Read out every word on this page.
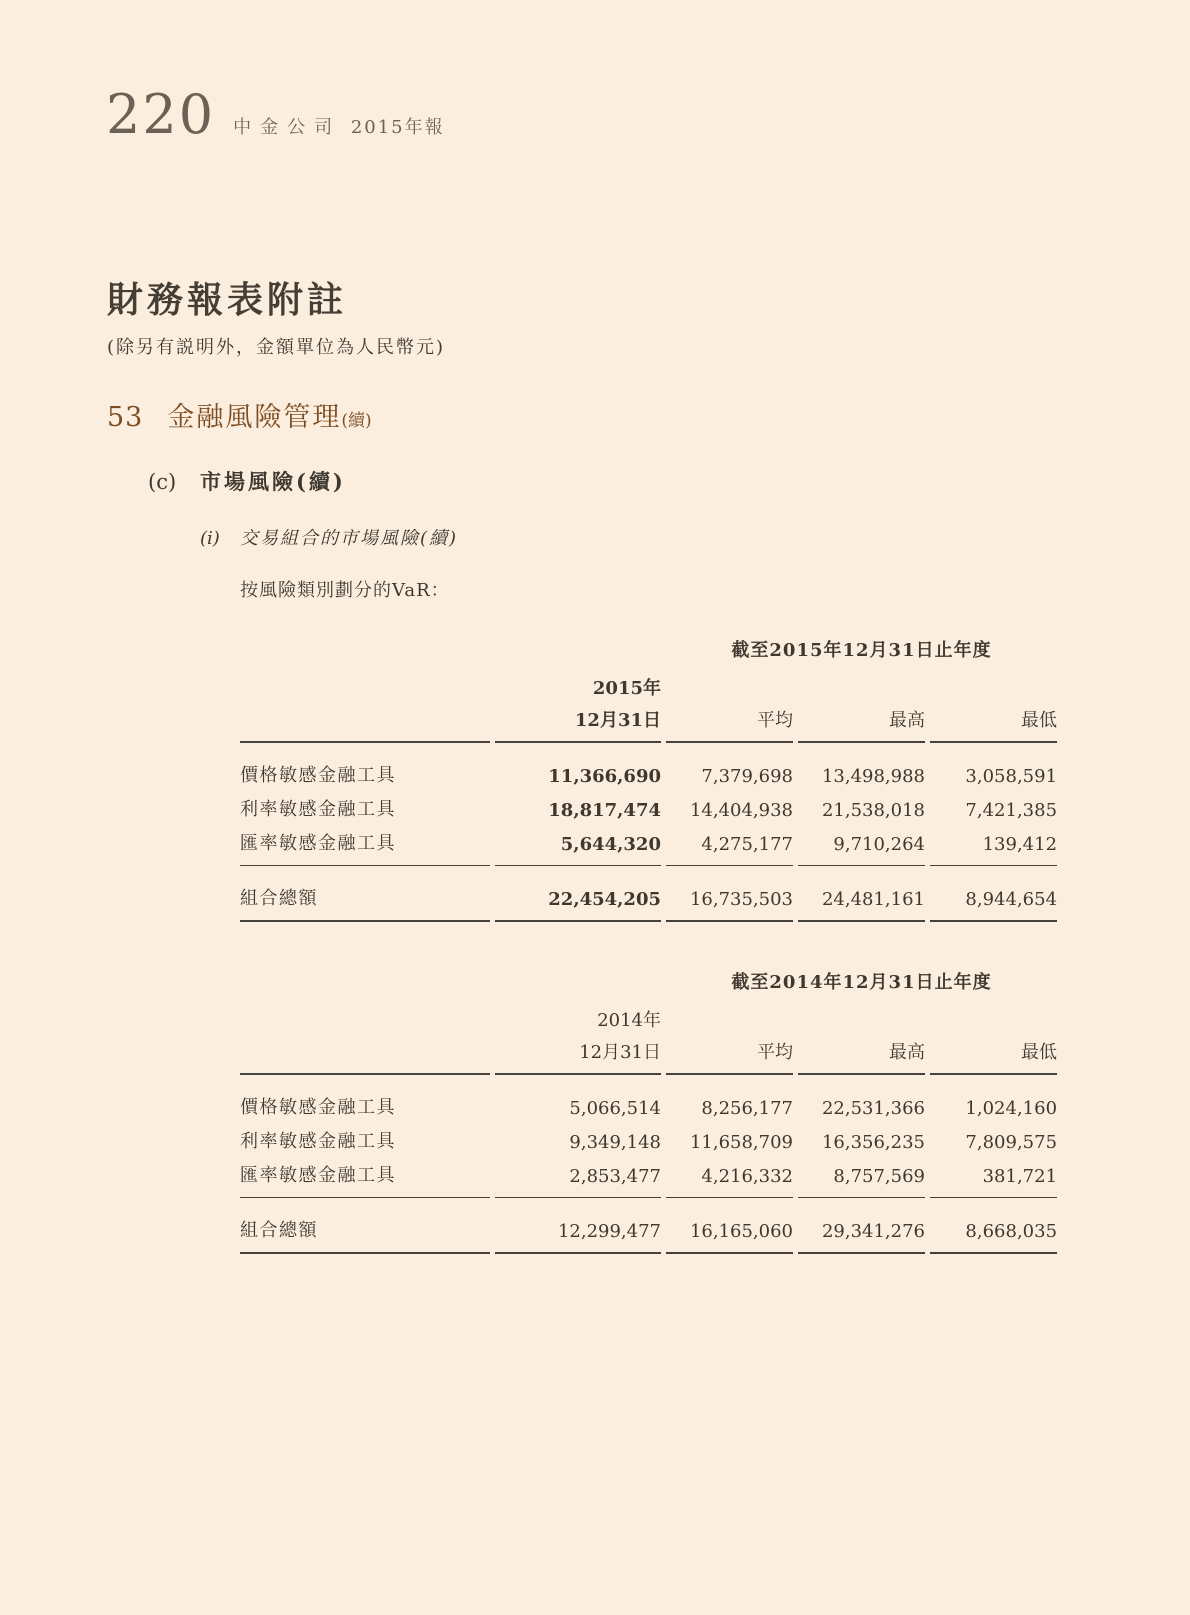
220 中金公司 2015年報
財務報表附註
(除另有説明外，金額單位為人民幣元)
53 金融風險管理 (續)
(c)	市場風險(續)
(i)	交易組合的市場風險(續)
按風險類別劃分的VaR：
		截至2015年12月31日止年度		
	2015年			
	12月31日	平均	最高	最低
價格敏感金融工具	11,366,690	7,379,698	13,498,988	3,058,591
利率敏感金融工具	18,817,474	14,404,938	21,538,018	7,421,385
匯率敏感金融工具	5,644,320	4,275,177	9,710,264	139,412
組合總額	22,454,205	16,735,503	24,481,161	8,944,654
		截至2014年12月31日止年度		
	2014年			
	12月31日	平均	最高	最低
價格敏感金融工具	5,066,514	8,256,177	22,531,366	1,024,160
利率敏感金融工具	9,349,148	11,658,709	16,356,235	7,809,575
匯率敏感金融工具	2,853,477	4,216,332	8,757,569	381,721
組合總額	12,299,477	16,165,060	29,341,276	8,668,035
